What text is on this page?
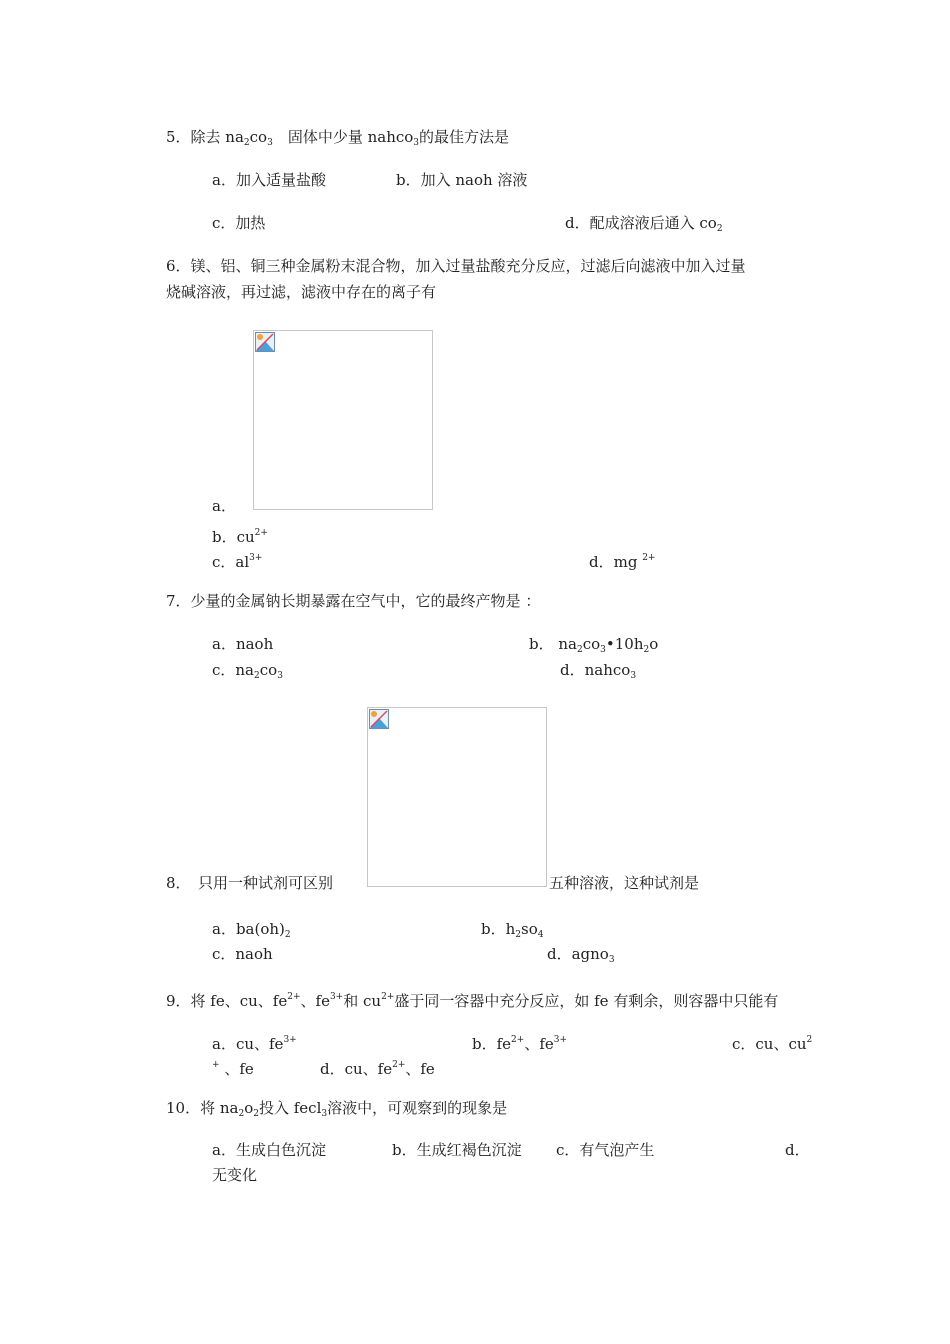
5．除去 $na_2co_3$　固体中少量 nahco$_3$的最佳方法是
a．加入适量盐酸	b．加入 naoh 溶液
c．加热	d．配成溶液后通入 $co_2$
6．镁、铝、铜三种金属粉末混合物，加入过量盐酸充分反应，过滤后向滤液中加入过量
烧碱溶液，再过滤，滤液中存在的离子有
a．
b．$cu^{2+}$
c．$al^{3+}$	d．mg $^{2+}$
7．少量的金属钠长期暴露在空气中，它的最终产物是 ：
a．naoh	b． $na_2co_3•10h_2o$
c．$na_2co_3$	d．nahco$_3$
8．　只用一种试剂可区别	五种溶液，这种试剂是
a．$ba(oh)_2$	b．$h_2so_4$
c．naoh	d．agno$_3$
9．将 fe、cu、$fe^{2+}$、$fe^{3+}$和 $cu^{2+}$盛于同一容器中充分反应，如 fe 有剩余，则容器中只能有
a．cu、$fe^{3+}$	b．$fe^{2+}$、$fe^{3+}$	c．cu、$cu^2$
+ 、fe	d．cu、$fe^{2+}$、fe
10．将 $na_2o_2$投入 fecl$_3$溶液中，可观察到的现象是
a．生成白色沉淀	b．生成红褐色沉淀 c．有气泡产生	d．
无变化
